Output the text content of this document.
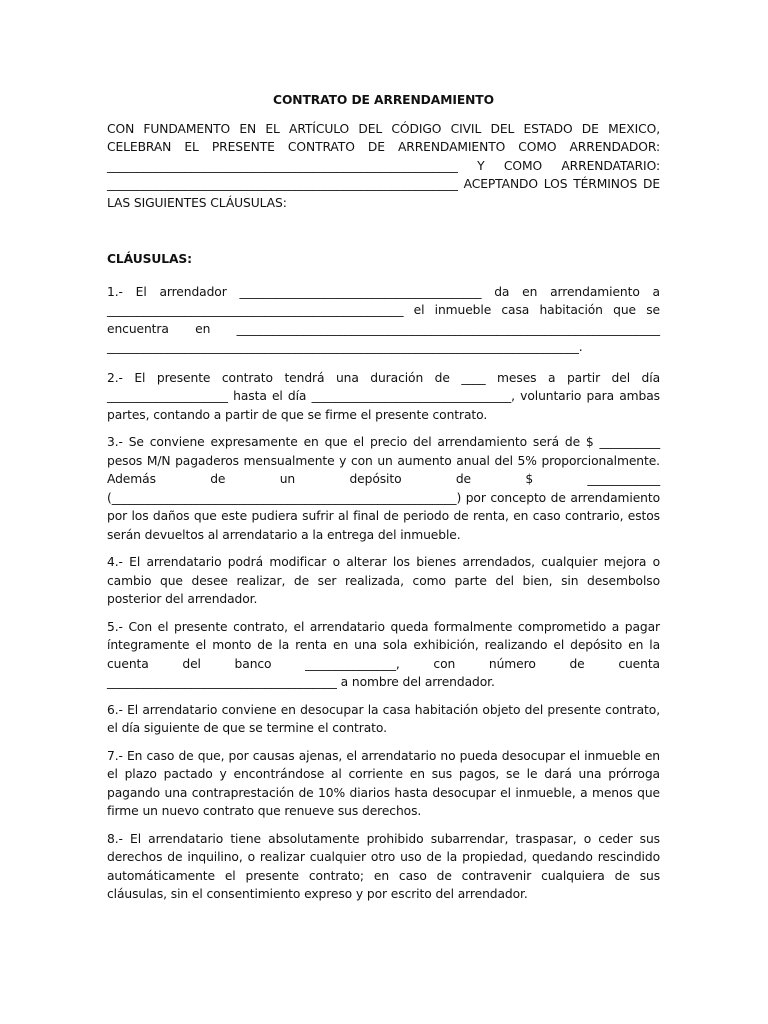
CONTRATO DE ARRENDAMIENTO

CON FUNDAMENTO EN EL ARTÍCULO DEL CÓDIGO CIVIL DEL ESTADO DE MEXICO, CELEBRAN EL PRESENTE CONTRATO DE ARRENDAMIENTO COMO ARRENDADOR: __________________________________________________________ Y COMO ARRENDATARIO: __________________________________________________________ ACEPTANDO LOS TÉRMINOS DE LAS SIGUIENTES CLÁUSULAS:

CLÁUSULAS:

1.- El arrendador ________________________________________ da en arrendamiento a _________________________________________________ el inmueble casa habitación que se encuentra en ______________________________________________________________________ ______________________________________________________________________________.

2.- El presente contrato tendrá una duración de ____ meses a partir del día ____________________ hasta el día _________________________________, voluntario para ambas partes, contando a partir de que se firme el presente contrato.

3.- Se conviene expresamente en que el precio del arrendamiento será de $ __________ pesos M/N pagaderos mensualmente y con un aumento anual del 5% proporcionalmente. Además de un depósito de $ ____________ (_________________________________________________________) por concepto de arrendamiento por los daños que este pudiera sufrir al final de periodo de renta, en caso contrario, estos serán devueltos al arrendatario a la entrega del inmueble.

4.- El arrendatario podrá modificar o alterar los bienes arrendados, cualquier mejora o cambio que desee realizar, de ser realizada, como parte del bien, sin desembolso posterior del arrendador.

5.- Con el presente contrato, el arrendatario queda formalmente comprometido a pagar íntegramente el monto de la renta en una sola exhibición, realizando el depósito en la cuenta del banco _______________, con número de cuenta ______________________________________ a nombre del arrendador.

6.- El arrendatario conviene en desocupar la casa habitación objeto del presente contrato, el día siguiente de que se termine el contrato.

7.- En caso de que, por causas ajenas, el arrendatario no pueda desocupar el inmueble en el plazo pactado y encontrándose al corriente en sus pagos, se le dará una prórroga pagando una contraprestación de 10% diarios hasta desocupar el inmueble, a menos que firme un nuevo contrato que renueve sus derechos.

8.- El arrendatario tiene absolutamente prohibido subarrendar, traspasar, o ceder sus derechos de inquilino, o realizar cualquier otro uso de la propiedad, quedando rescindido automáticamente el presente contrato; en caso de contravenir cualquiera de sus cláusulas, sin el consentimiento expreso y por escrito del arrendador.
